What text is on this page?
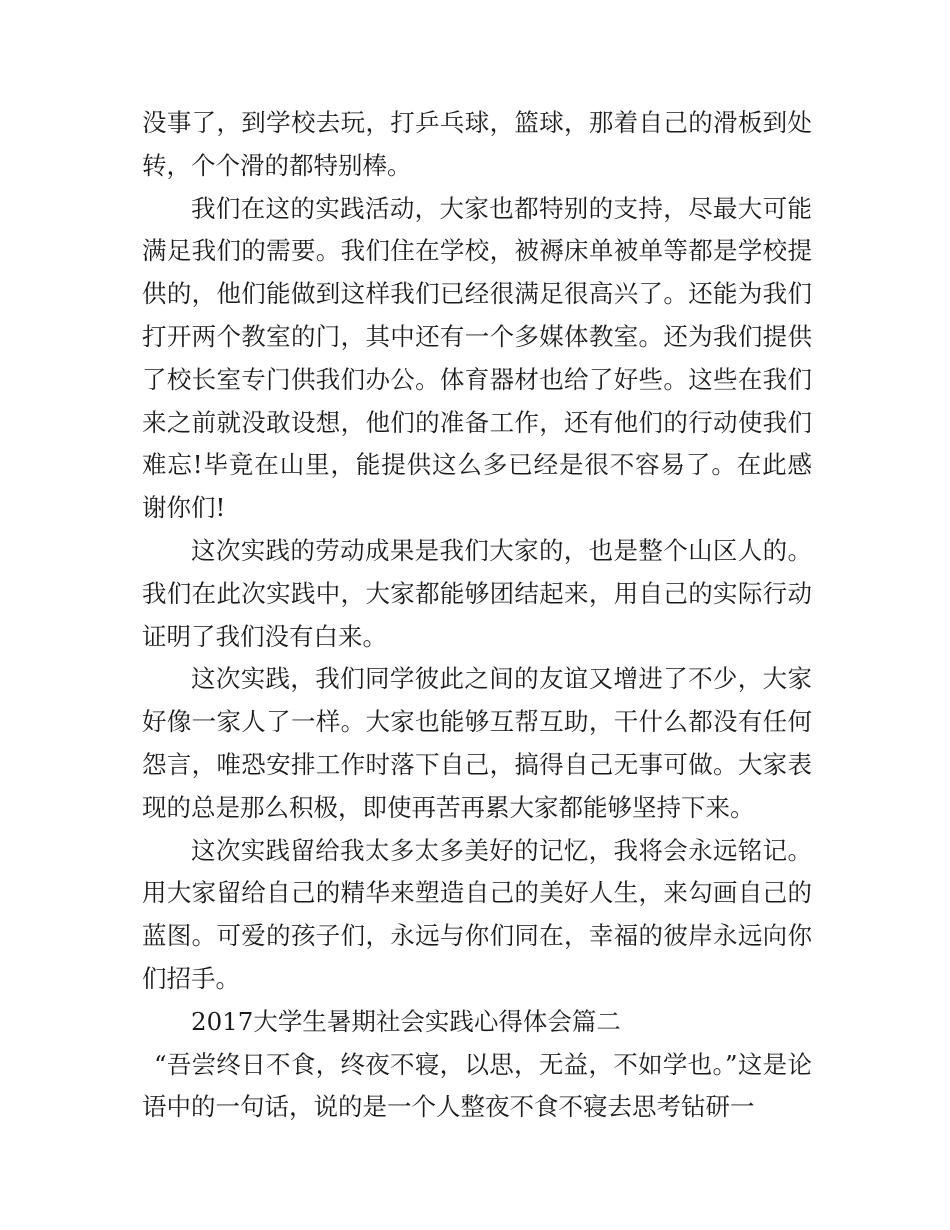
没事了，到学校去玩，打乒乓球，篮球，那着自己的滑板到处转，个个滑的都特别棒。

我们在这的实践活动，大家也都特别的支持，尽最大可能满足我们的需要。我们住在学校，被褥床单被单等都是学校提供的，他们能做到这样我们已经很满足很高兴了。还能为我们打开两个教室的门，其中还有一个多媒体教室。还为我们提供了校长室专门供我们办公。体育器材也给了好些。这些在我们来之前就没敢设想，他们的准备工作，还有他们的行动使我们难忘!毕竟在山里，能提供这么多已经是很不容易了。在此感谢你们!

这次实践的劳动成果是我们大家的，也是整个山区人的。我们在此次实践中，大家都能够团结起来，用自己的实际行动证明了我们没有白来。

这次实践，我们同学彼此之间的友谊又增进了不少，大家好像一家人了一样。大家也能够互帮互助，干什么都没有任何怨言，唯恐安排工作时落下自己，搞得自己无事可做。大家表现的总是那么积极，即使再苦再累大家都能够坚持下来。

这次实践留给我太多太多美好的记忆，我将会永远铭记。用大家留给自己的精华来塑造自己的美好人生，来勾画自己的蓝图。可爱的孩子们，永远与你们同在，幸福的彼岸永远向你们招手。

2017大学生暑期社会实践心得体会篇二

“吾尝终日不食，终夜不寝，以思，无益，不如学也。”这是论语中的一句话，说的是一个人整夜不食不寝去思考钻研一
